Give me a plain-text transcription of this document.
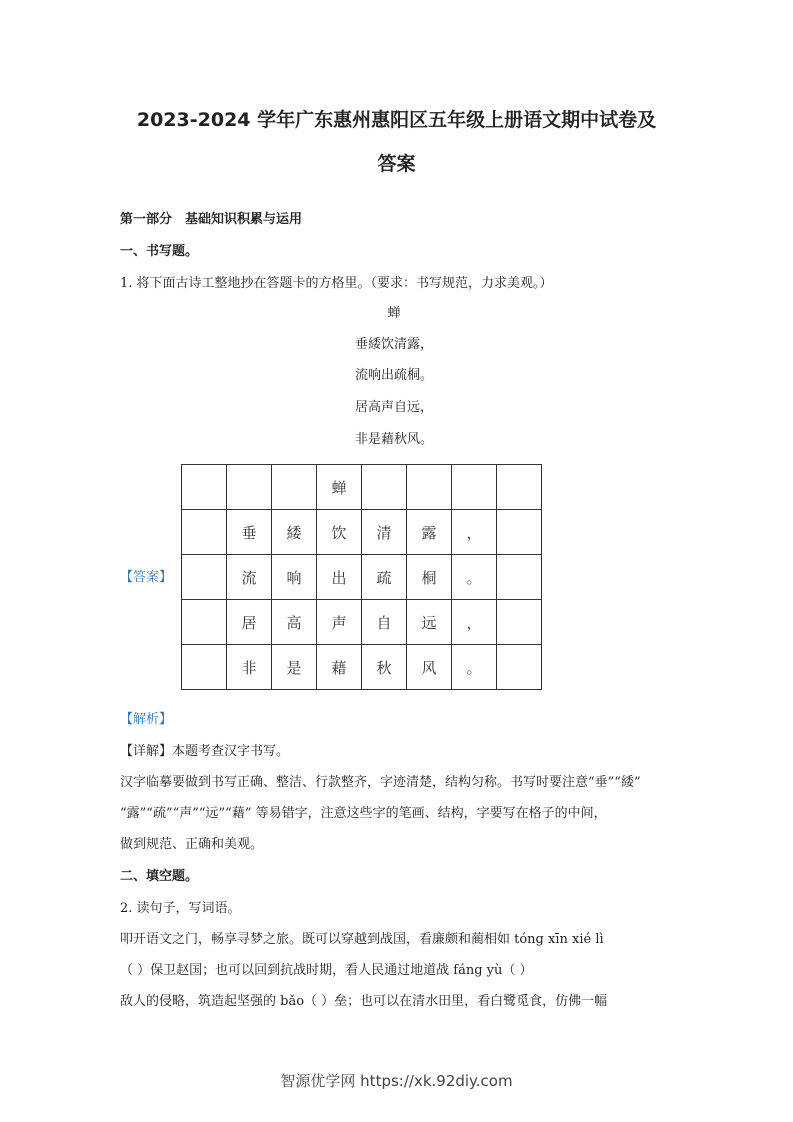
2023-2024 学年广东惠州惠阳区五年级上册语文期中试卷及
答案
第一部分　基础知识积累与运用
一、书写题。
1. 将下面古诗工整地抄在答题卡的方格里。（要求：书写规范，力求美观。）
蝉
垂緌饮清露，
流响出疏桐。
居高声自远，
非是藉秋风。
【答案】
			蝉				
	垂	緌	饮	清	露	，	
	流	响	出	疏	桐	。	
	居	高	声	自	远	，	
	非	是	藉	秋	风	。	
【解析】
【详解】本题考查汉字书写。
汉字临摹要做到书写正确、整洁、行款整齐，字迹清楚，结构匀称。书写时要注意“垂”“緌”
“露”“疏”“声”“远”“藉” 等易错字，注意这些字的笔画、结构，字要写在格子的中间，
做到规范、正确和美观。
二、填空题。
2. 读句子，写词语。
叩开语文之门，畅享寻梦之旅。既可以穿越到战国，看廉颇和蔺相如 tóng xīn xié lì
（ ）保卫赵国；也可以回到抗战时期，看人民通过地道战 fáng yù（ ）
敌人的侵略，筑造起坚强的 bǎo（ ）垒；也可以在清水田里，看白鹭觅食，仿佛一幅
智源优学网 https://xk.92diy.com
